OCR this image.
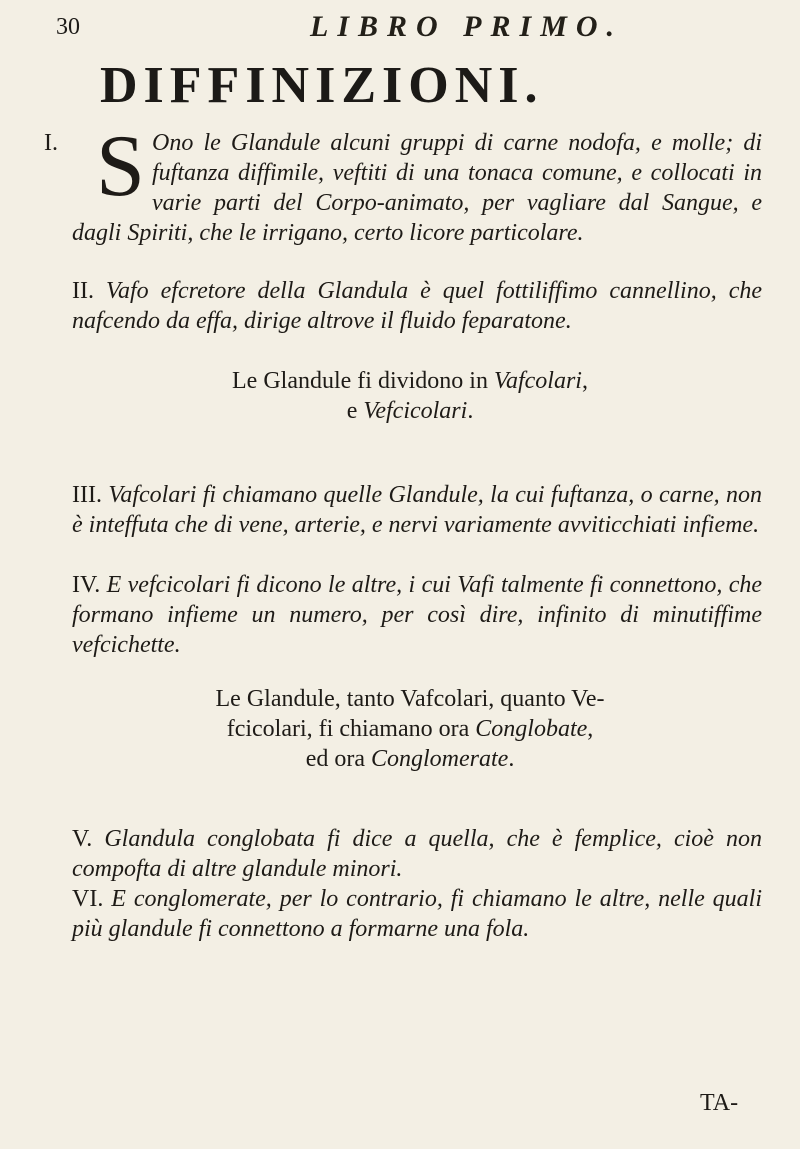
30	LIBRO PRIMO.
DIFFINIZIONI.
I. S Ono le Glandule alcuni gruppi di carne nodofa, e molle; di fuftanza diffimile, veftiti di una tonaca comune, e collocati in varie parti del Corpo-animato, per vagliare dal Sangue, e dagli Spiriti, che le irrigano, certo licore particolare.
II. Vafo efcretore della Glandula è quel fottiliffimo cannellino, che nafcendo da effa, dirige altrove il fluido feparatone.
Le Glandule fi dividono in Vafcolari,
e Vefcicolari.
III. Vafcolari fi chiamano quelle Glandule, la cui fuftanza, o carne, non è inteffuta che di vene, arterie, e nervi variamente avviticchiati infieme.
IV. E vefcicolari fi dicono le altre, i cui Vafi talmente fi connettono, che formano infieme un numero, per così dire, infinito di minutiffime vefcichette.
Le Glandule, tanto Vafcolari, quanto Ve-
fcicolari, fi chiamano ora Conglobate,
ed ora Conglomerate.
V. Glandula conglobata fi dice a quella, che è femplice, cioè non compofta di altre glandule minori.
VI. E conglomerate, per lo contrario, fi chiamano le altre, nelle quali più glandule fi connettono a formarne una fola.
TA-
